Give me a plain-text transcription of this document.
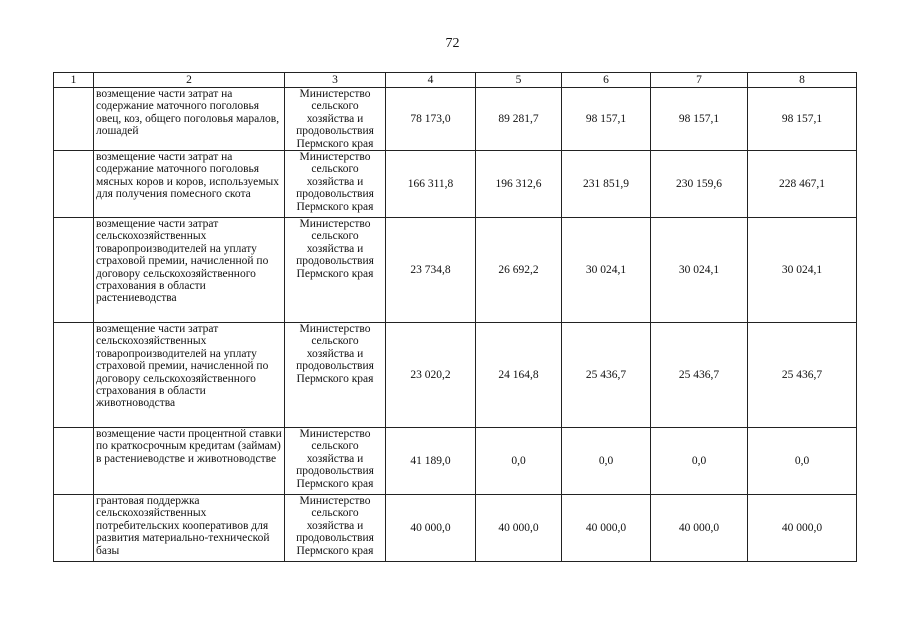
72
1	2	3	4	5	6	7	8
	возмещение части затрат на содержание маточного поголовья овец, коз, общего поголовья маралов, лошадей	Министерство сельского хозяйства и продовольствия Пермского края	78 173,0	89 281,7	98 157,1	98 157,1	98 157,1
	возмещение части затрат на содержание маточного поголовья мясных коров и коров, используемых для получения помесного скота	Министерство сельского хозяйства и продовольствия Пермского края	166 311,8	196 312,6	231 851,9	230 159,6	228 467,1
	возмещение части затрат сельскохозяйственных товаропроизводителей на уплату страховой премии, начисленной по договору сельскохозяйственного страхования в области растениеводства	Министерство сельского хозяйства и продовольствия Пермского края	23 734,8	26 692,2	30 024,1	30 024,1	30 024,1
	возмещение части затрат сельскохозяйственных товаропроизводителей на уплату страховой премии, начисленной по договору сельскохозяйственного страхования в области животноводства	Министерство сельского хозяйства и продовольствия Пермского края	23 020,2	24 164,8	25 436,7	25 436,7	25 436,7
	возмещение части процентной ставки по краткосрочным кредитам (займам) в растениеводстве и животноводстве	Министерство сельского хозяйства и продовольствия Пермского края	41 189,0	0,0	0,0	0,0	0,0
	грантовая поддержка сельскохозяйственных потребительских кооперативов для развития материально-технической базы	Министерство сельского хозяйства и продовольствия Пермского края	40 000,0	40 000,0	40 000,0	40 000,0	40 000,0
